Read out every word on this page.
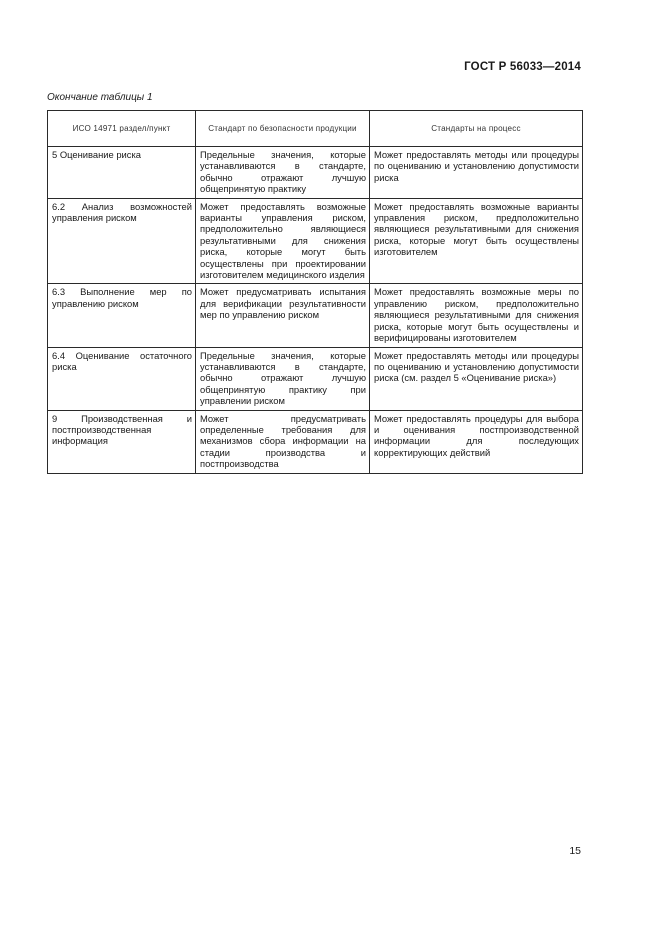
ГОСТ Р 56033—2014
Окончание таблицы 1
ИСО 14971 раздел/пункт	Стандарт по безопасности продукции	Стандарты на процесс
5 Оценивание риска	Предельные значения, которые устанавливаются в стандарте, обычно отражают лучшую общепринятую практику	Может предоставлять методы или процедуры по оцениванию и установлению допустимости риска
6.2 Анализ возможностей управления риском	Может предоставлять возможные варианты управления риском, предположительно являющиеся результативными для снижения риска, которые могут быть осуществлены при проектировании изготовителем медицинского изделия	Может предоставлять возможные варианты управления риском, предположительно являющиеся результативными для снижения риска, которые могут быть осуществлены изготовителем
6.3 Выполнение мер по управлению риском	Может предусматривать испытания для верификации результативности мер по управлению риском	Может предоставлять возможные меры по управлению риском, предположительно являющиеся результативными для снижения риска, которые могут быть осуществлены и верифицированы изготовителем
6.4 Оценивание остаточного риска	Предельные значения, которые устанавливаются в стандарте, обычно отражают лучшую общепринятую практику при управлении риском	Может предоставлять методы или процедуры по оцениванию и установлению допустимости риска (см. раздел 5 «Оценивание риска»)
9 Производственная и постпроизводственная информация	Может предусматривать определенные требования для механизмов сбора информации на стадии производства и постпроизводства	Может предоставлять процедуры для выбора и оценивания постпроизводственной информации для последующих корректирующих действий
15
